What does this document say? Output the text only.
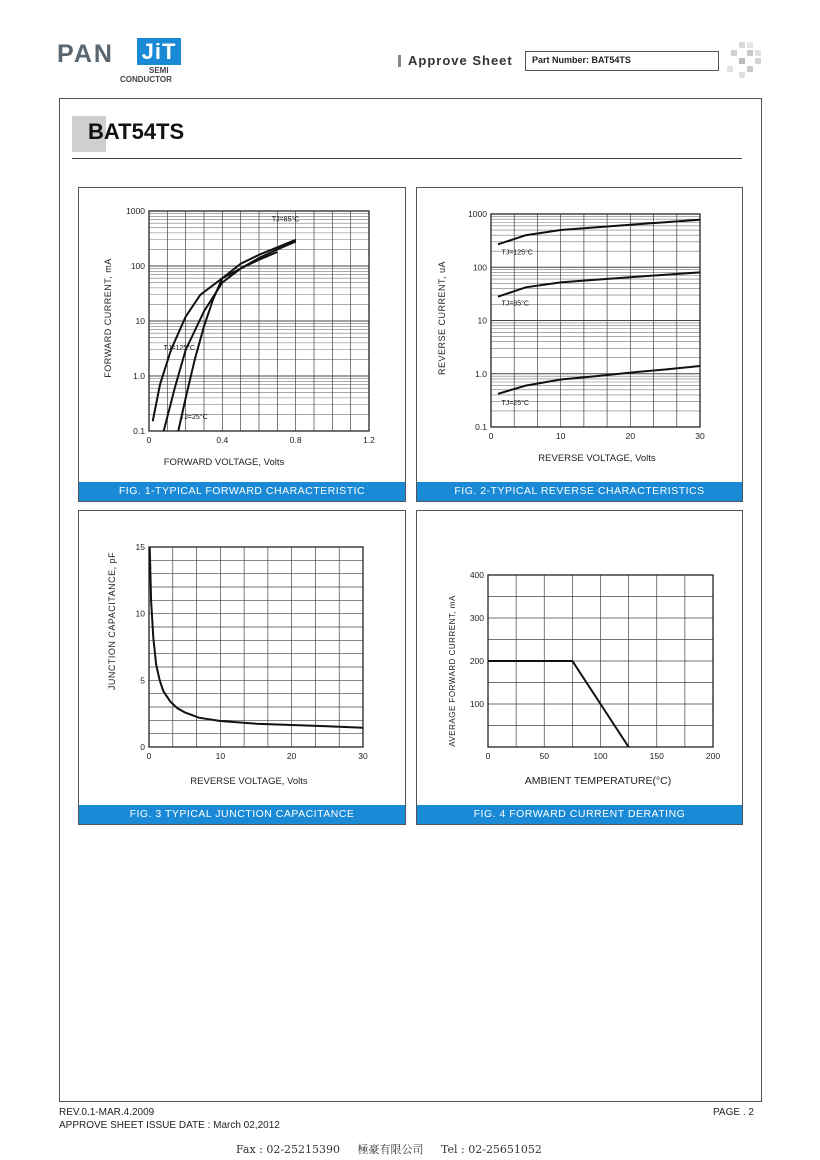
PAN JiT
SEMI
CONDUCTOR
Approve Sheet Part Number: BAT54TS
BAT54TS
0	0.4	0.8	1.2
0.1
1.0
10
100
1000
FORWARD VOLTAGE, Volts
FORWARD CURRENT, mA
TJ=85°C
TJ=125°C
TJ=25°C
FIG. 1-TYPICAL FORWARD CHARACTERISTIC
0	10	20	30
0.1
1.0
10
100
1000
REVERSE VOLTAGE, Volts
REVERSE CURRENT, uA
TJ=125°C
TJ=85°C
TJ=25°C
FIG. 2-TYPICAL REVERSE CHARACTERISTICS
0	10	20	30
0
5
10
15
REVERSE VOLTAGE, Volts
JUNCTION CAPACITANCE, pF
FIG. 3 TYPICAL JUNCTION CAPACITANCE
0	50	100	150	200
100
200
300
400
AMBIENT TEMPERATURE(°C)
AVERAGE FORWARD CURRENT, mA
FIG. 4 FORWARD CURRENT DERATING
REV.0.1-MAR.4.2009
APPROVE SHEET ISSUE DATE : March 02,2012
PAGE . 2
Fax : 02-25215390     極豪有限公司     Tel : 02-25651052
